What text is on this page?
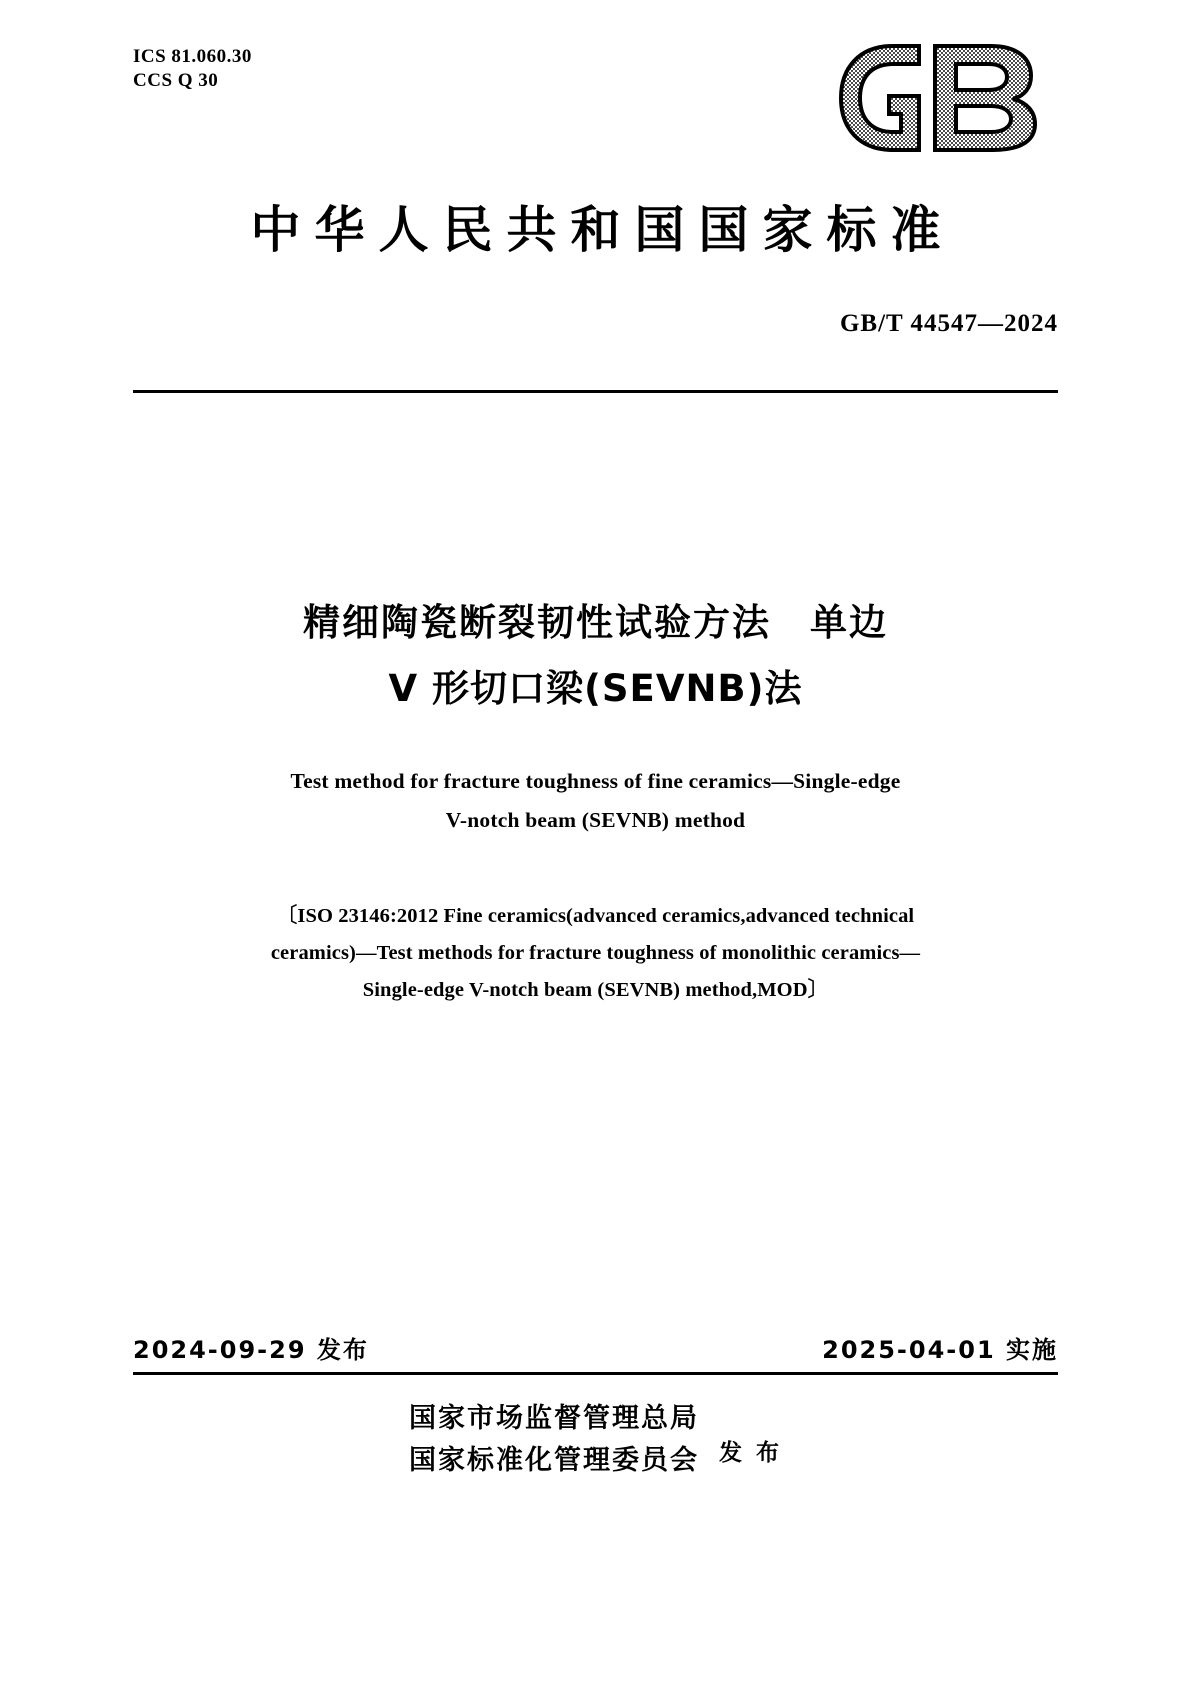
ICS 81.060.30
CCS Q 30
中华人民共和国国家标准
GB/T 44547—2024
精细陶瓷断裂韧性试验方法　单边
V 形切口梁(SEVNB)法
Test method for fracture toughness of fine ceramics—Single-edge
V-notch beam (SEVNB) method
〔ISO 23146:2012 Fine ceramics(advanced ceramics,advanced technical
ceramics)—Test methods for fracture toughness of monolithic ceramics—
Single-edge V-notch beam (SEVNB) method,MOD〕
2024-09-29 发布	2025-04-01 实施
国家市场监督管理总局
国家标准化管理委员会 发 布
